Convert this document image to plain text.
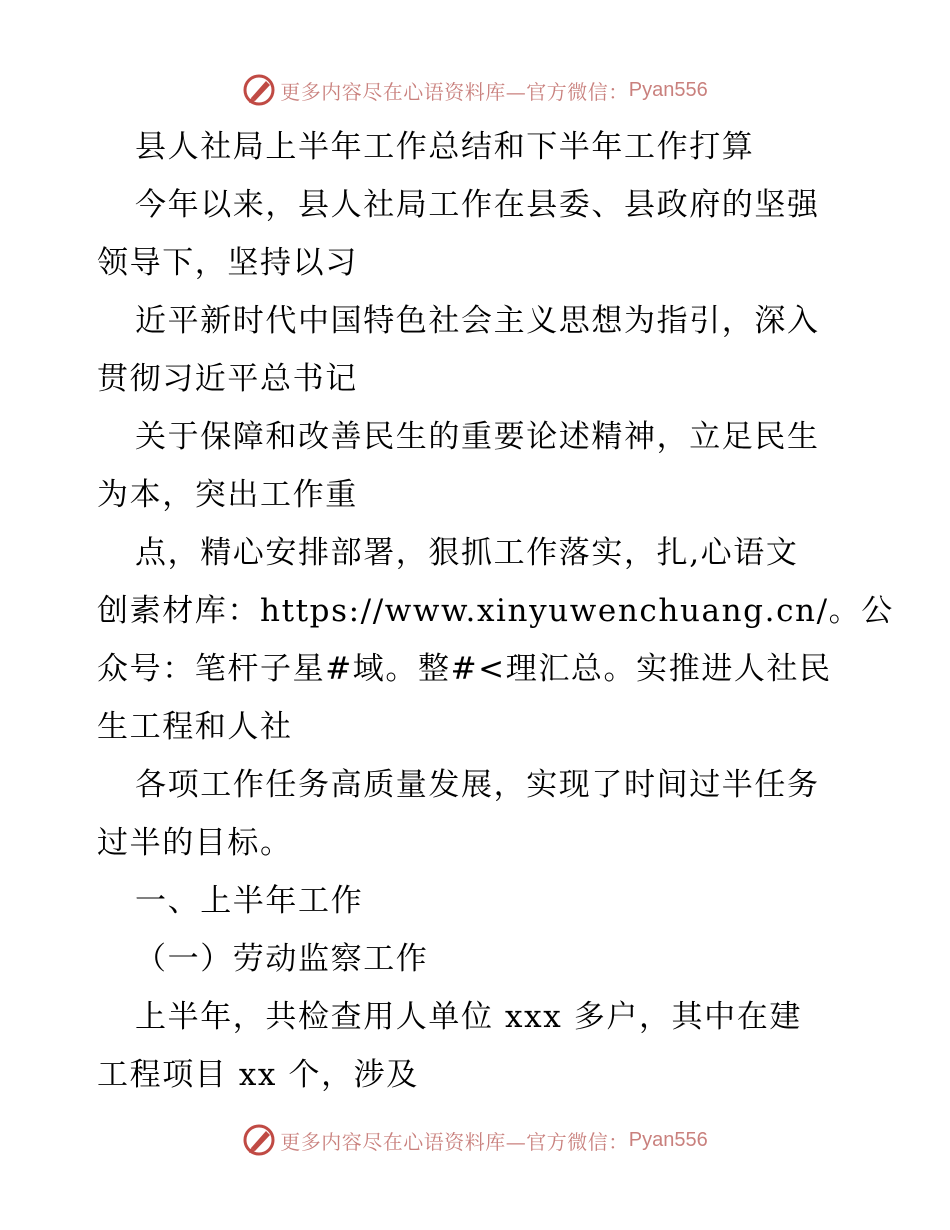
更多内容尽在心语资料库—官方微信： Pyan556
县人社局上半年工作总结和下半年工作打算
今年以来，县人社局工作在县委、县政府的坚强
领导下，坚持以习
近平新时代中国特色社会主义思想为指引，深入
贯彻习近平总书记
关于保障和改善民生的重要论述精神，立足民生
为本，突出工作重
点，精心安排部署，狠抓工作落实，扎,心语文
创素材库：https://www.xinyuwenchuang.cn/。公
众号：笔杆子星#域。整#<理汇总。实推进人社民
生工程和人社
各项工作任务高质量发展，实现了时间过半任务
过半的目标。
一、上半年工作
（一）劳动监察工作
上半年，共检查用人单位 xxx 多户，其中在建
工程项目 xx 个，涉及
更多内容尽在心语资料库—官方微信： Pyan556
